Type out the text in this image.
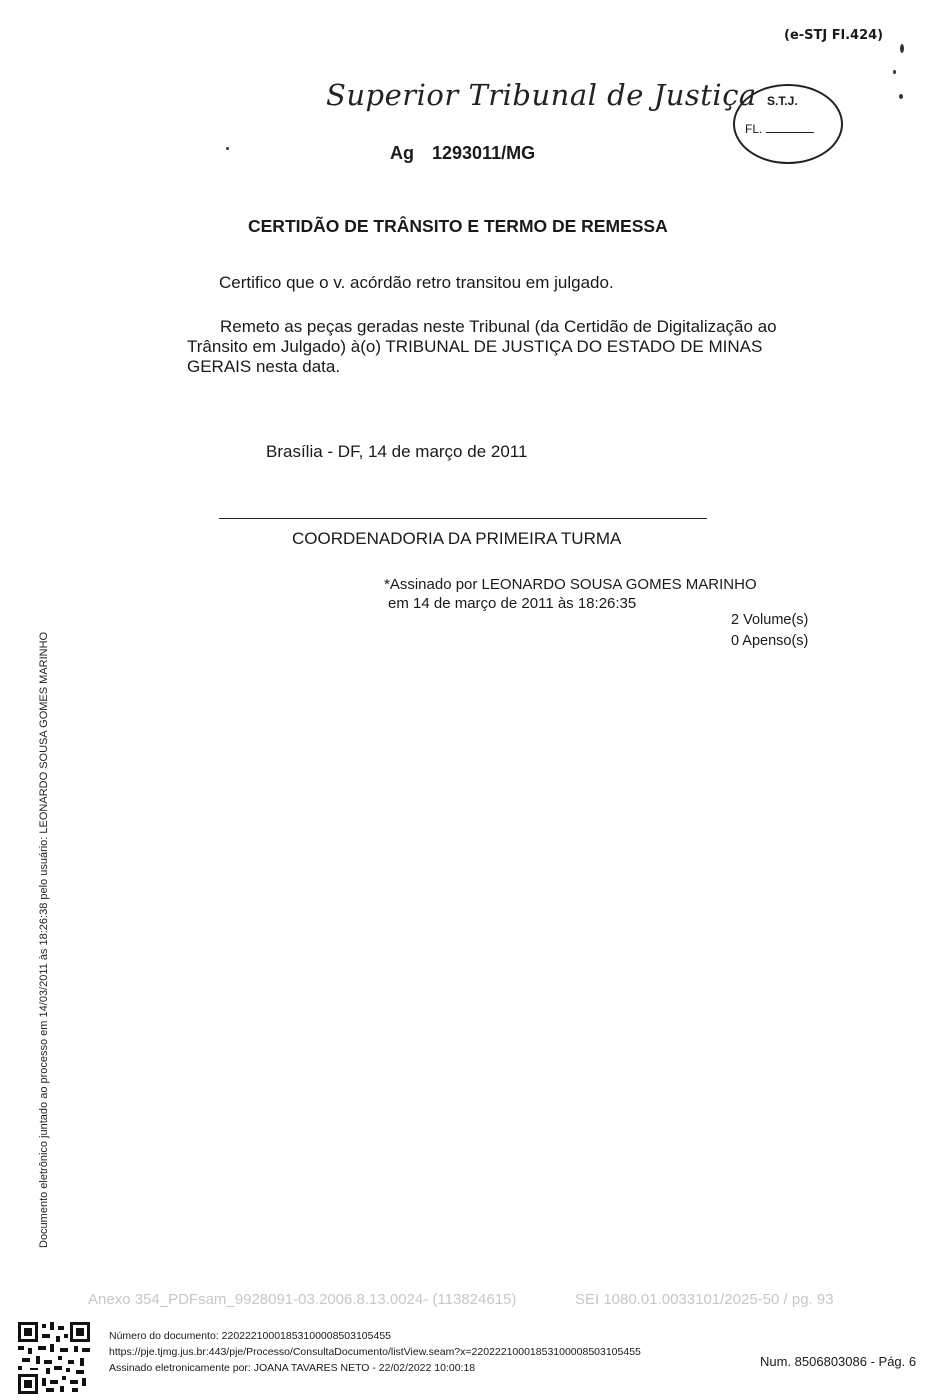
(e-STJ Fl.424)
Superior Tribunal de Justiça
Ag 1293011/MG
S.T.J.
FL.
CERTIDÃO DE TRÂNSITO E TERMO DE REMESSA
Certifico que o v. acórdão retro transitou em julgado.
Remeto as peças geradas neste Tribunal (da Certidão de Digitalização ao Trânsito em Julgado) à(o) TRIBUNAL DE JUSTIÇA DO ESTADO DE MINAS GERAIS nesta data.
Brasília - DF, 14 de março de 2011
COORDENADORIA DA PRIMEIRA TURMA
*Assinado por LEONARDO SOUSA GOMES MARINHO
em 14 de março de 2011 às 18:26:35
2 Volume(s)
0 Apenso(s)
Documento eletrônico juntado ao processo em 14/03/2011 às 18:26:38 pelo usuário: LEONARDO SOUSA GOMES MARINHO
Anexo 354_PDFsam_9928091-03.2006.8.13.0024- (113824615)	SEI 1080.01.0033101/2025-50 / pg. 93
Número do documento: 22022210001853100008503105455
https://pje.tjmg.jus.br:443/pje/Processo/ConsultaDocumento/listView.seam?x=22022210001853100008503105455
Assinado eletronicamente por: JOANA TAVARES NETO - 22/02/2022 10:00:18	Num. 8506803086 - Pág. 6
